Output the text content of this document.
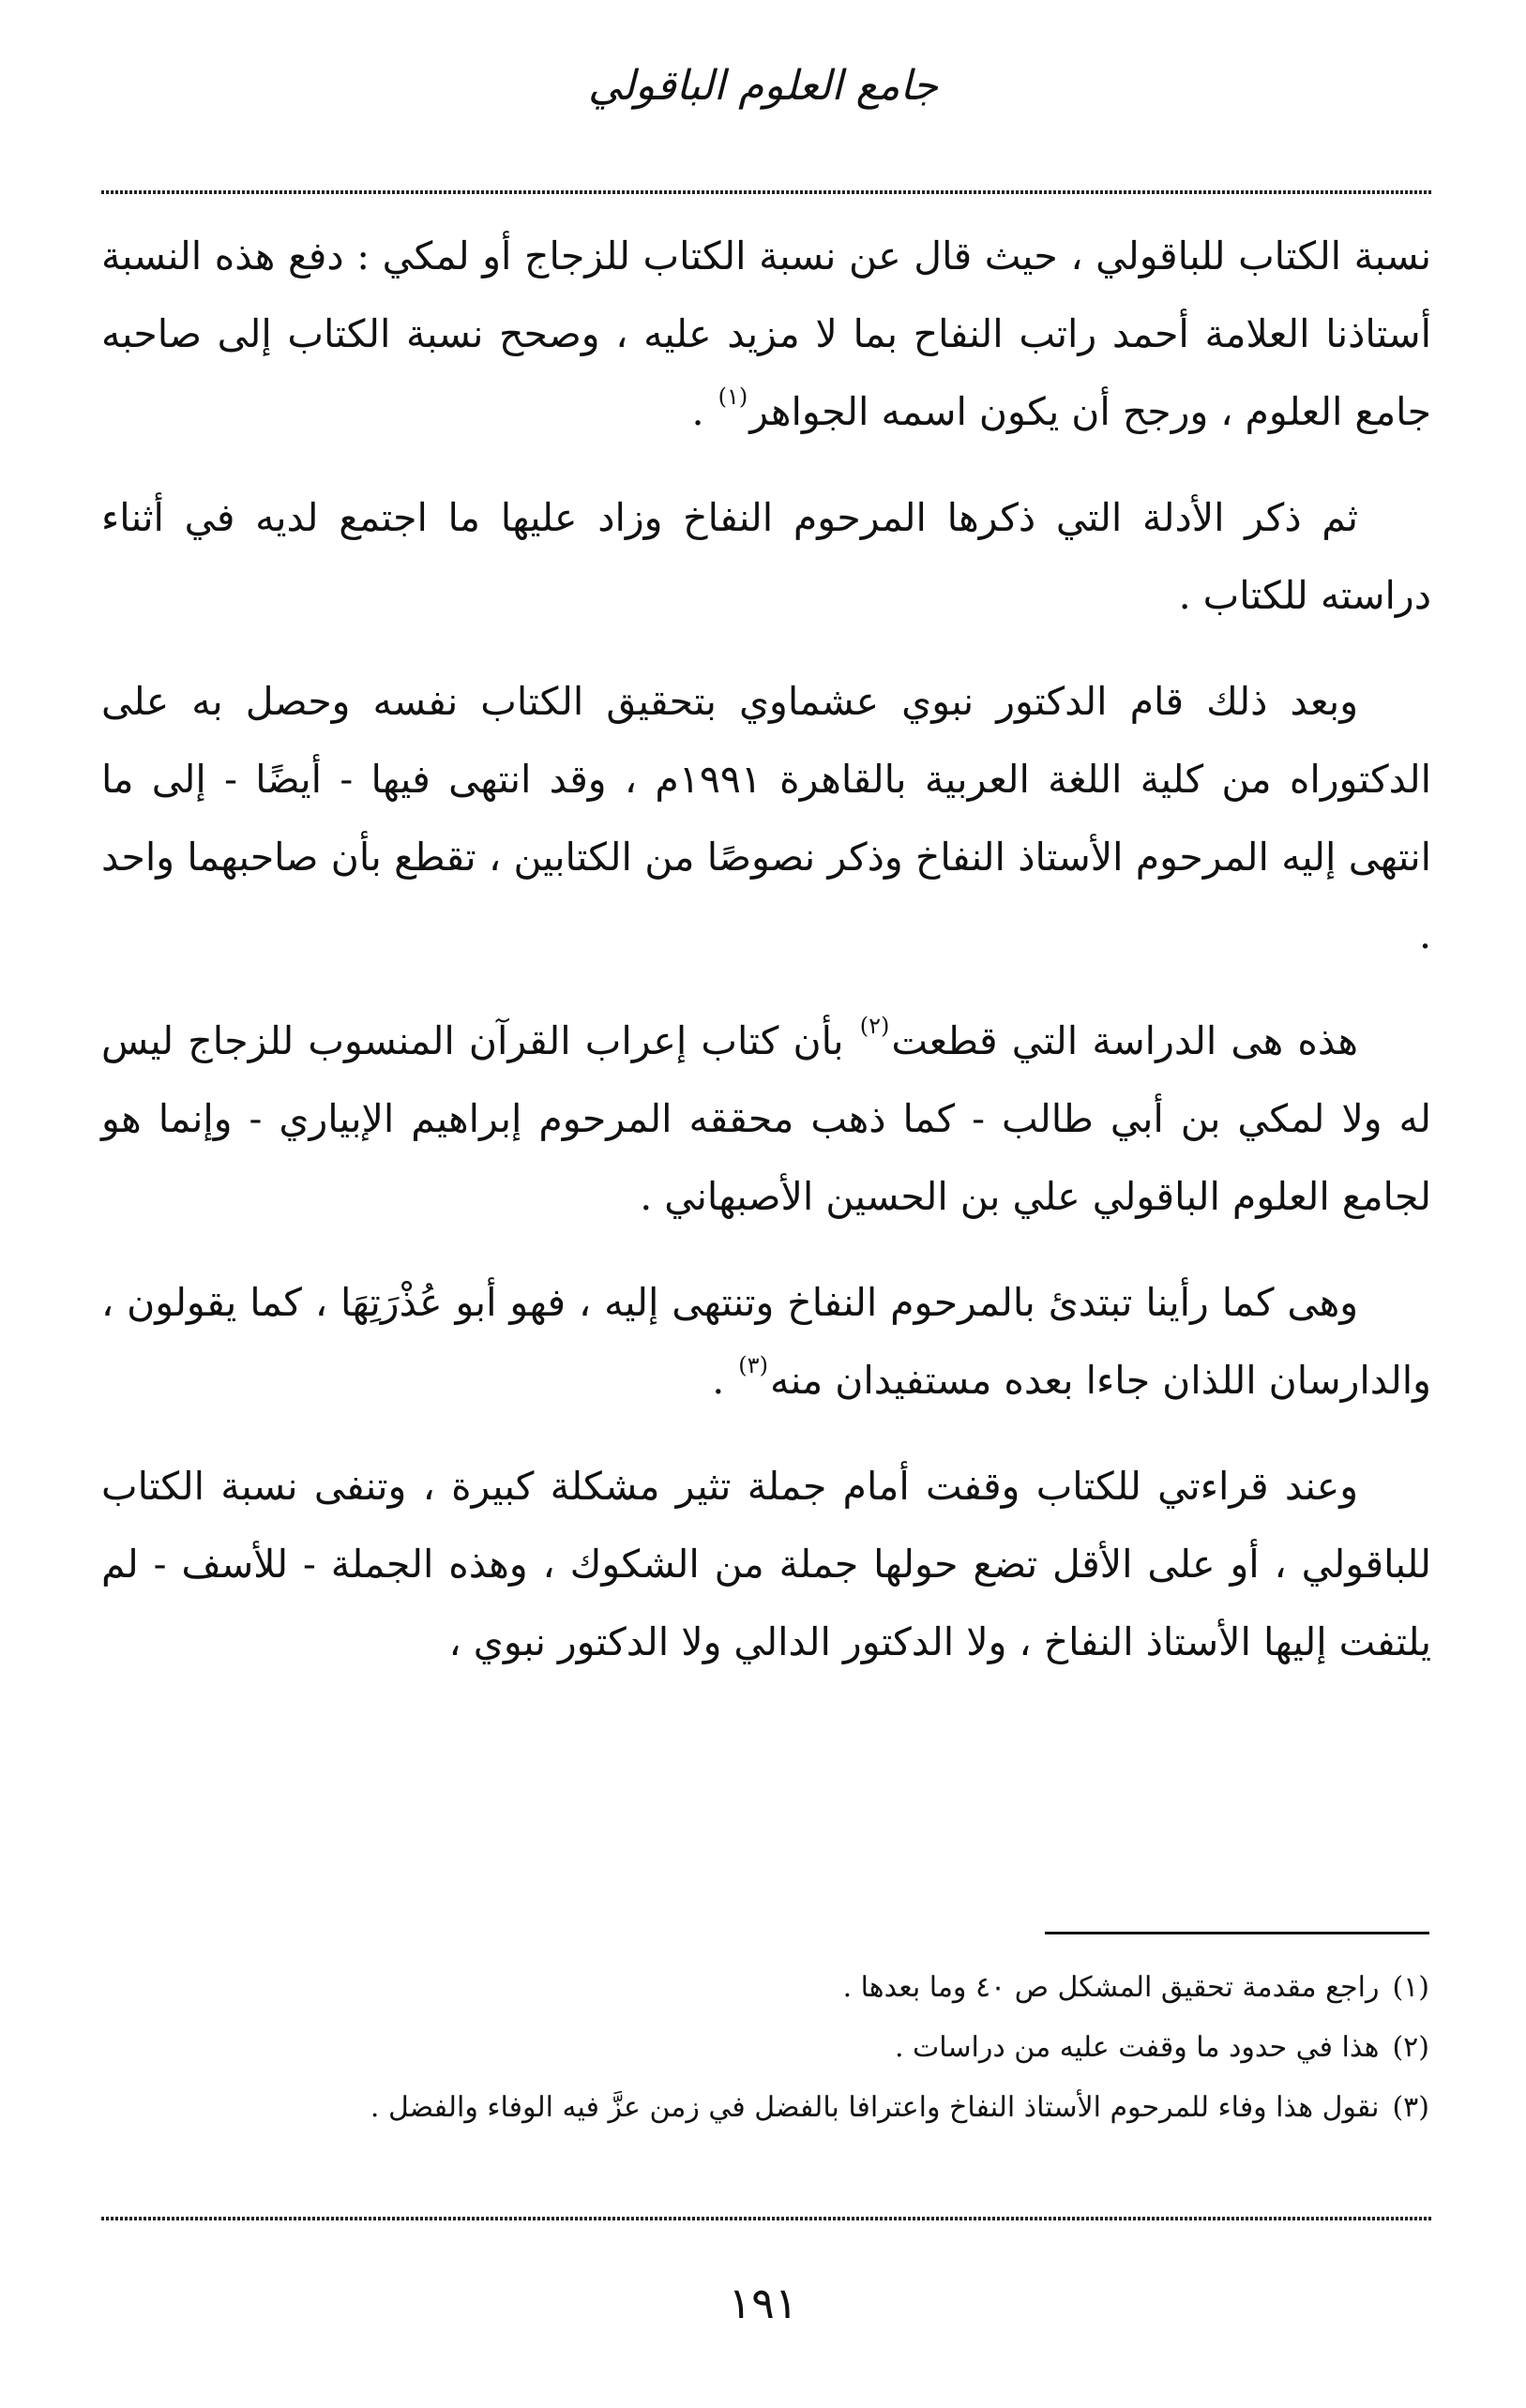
جامع العلوم الباقولي

نسبة الكتاب للباقولي ، حيث قال عن نسبة الكتاب للزجاج أو لمكي : دفع هذه النسبة أستاذنا العلامة أحمد راتب النفاح بما لا مزيد عليه ، وصحح نسبة الكتاب إلى صاحبه جامع العلوم ، ورجح أن يكون اسمه الجواهر$^{(١)}$ .

ثم ذكر الأدلة التي ذكرها المرحوم النفاخ وزاد عليها ما اجتمع لديه في أثناء دراسته للكتاب .

وبعد ذلك قام الدكتور نبوي عشماوي بتحقيق الكتاب نفسه وحصل به على الدكتوراه من كلية اللغة العربية بالقاهرة ١٩٩١م ، وقد انتهى فيها - أيضًا - إلى ما انتهى إليه المرحوم الأستاذ النفاخ وذكر نصوصًا من الكتابين ، تقطع بأن صاحبهما واحد .

هذه هى الدراسة التي قطعت$^{(٢)}$ بأن كتاب إعراب القرآن المنسوب للزجاج ليس له ولا لمكي بن أبي طالب - كما ذهب محققه المرحوم إبراهيم الإبياري - وإنما هو لجامع العلوم الباقولي علي بن الحسين الأصبهاني .

وهى كما رأينا تبتدئ بالمرحوم النفاخ وتنتهى إليه ، فهو أبو عُذْرَتِهَا ، كما يقولون ، والدارسان اللذان جاءا بعده مستفيدان منه$^{(٣)}$ .

وعند قراءتي للكتاب وقفت أمام جملة تثير مشكلة كبيرة ، وتنفى نسبة الكتاب للباقولي ، أو على الأقل تضع حولها جملة من الشكوك ، وهذه الجملة - للأسف - لم يلتفت إليها الأستاذ النفاخ ، ولا الدكتور الدالي ولا الدكتور نبوي ،

(١)راجع مقدمة تحقيق المشكل ص ٤٠ وما بعدها .

(٢)هذا في حدود ما وقفت عليه من دراسات .

(٣)نقول هذا وفاء للمرحوم الأستاذ النفاخ واعترافا بالفضل في زمن عزَّ فيه الوفاء والفضل .

١٩١
